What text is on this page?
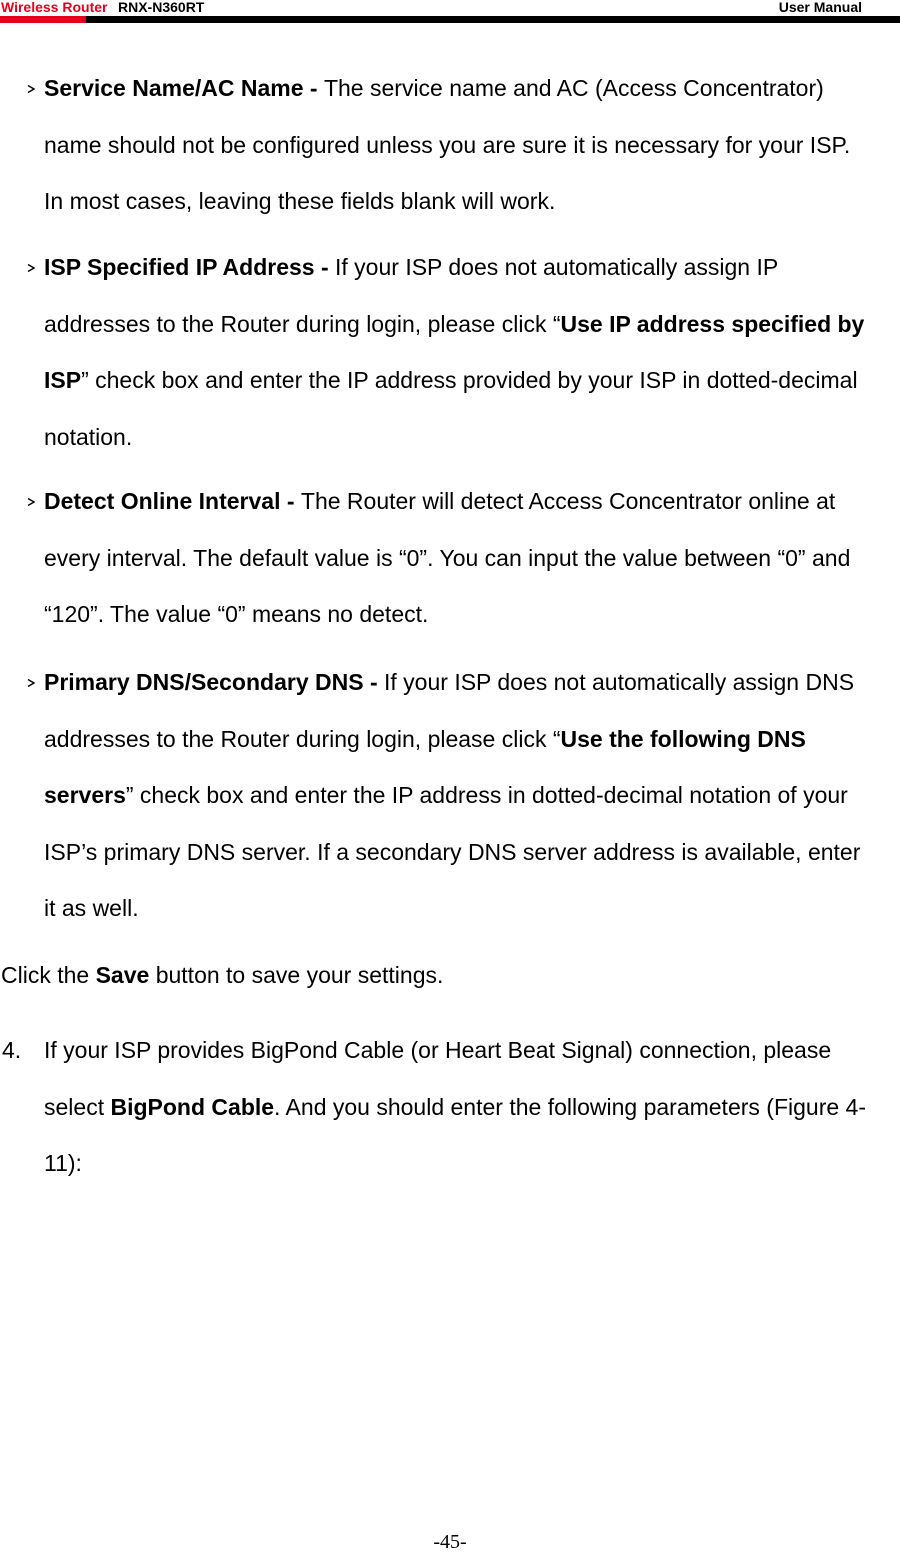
Wireless Router RNX-N360RT	User Manual

Service Name/AC Name - The service name and AC (Access Concentrator) name should not be configured unless you are sure it is necessary for your ISP. In most cases, leaving these fields blank will work.

ISP Specified IP Address - If your ISP does not automatically assign IP addresses to the Router during login, please click “Use IP address specified by ISP” check box and enter the IP address provided by your ISP in dotted-decimal notation.

Detect Online Interval - The Router will detect Access Concentrator online at every interval. The default value is “0”. You can input the value between “0” and “120”. The value “0” means no detect.

Primary DNS/Secondary DNS - If your ISP does not automatically assign DNS addresses to the Router during login, please click “Use the following DNS servers” check box and enter the IP address in dotted-decimal notation of your ISP’s primary DNS server. If a secondary DNS server address is available, enter it as well.

Click the Save button to save your settings.

4. If your ISP provides BigPond Cable (or Heart Beat Signal) connection, please select BigPond Cable. And you should enter the following parameters (Figure 4-11):

-45-
